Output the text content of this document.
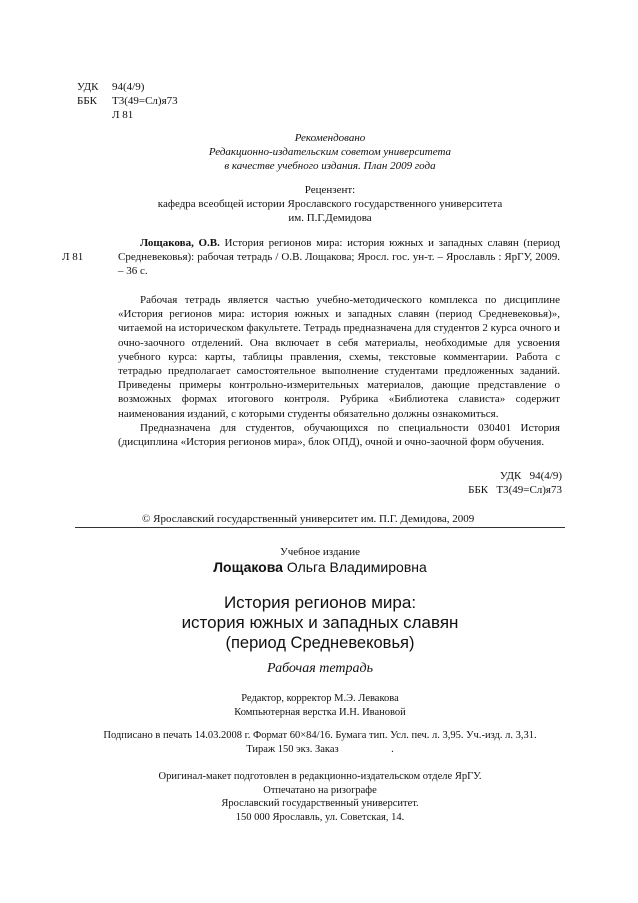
УДК 94(4/9)
ББК Т3(49=Сл)я73
Л 81
Рекомендовано
Редакционно-издательским советом университета
в качестве учебного издания. План 2009 года
Рецензент:
кафедра всеобщей истории Ярославского государственного университета
им. П.Г.Демидова
Л 81

Лощакова, О.В. История регионов мира: история южных и западных славян (период Средневековья): рабочая тетрадь / О.В. Лощакова; Яросл. гос. ун-т. – Ярославль : ЯрГУ, 2009. – 36 с.

Рабочая тетрадь является частью учебно-методического комплекса по дисциплине «История регионов мира: история южных и западных славян (период Средневековья)», читаемой на историческом факультете. Тетрадь предназначена для студентов 2 курса очного и очно-заочного отделений. Она включает в себя материалы, необходимые для усвоения учебного курса: карты, таблицы правления, схемы, текстовые комментарии. Работа с тетрадью предполагает самостоятельное выполнение студентами предложенных заданий. Приведены примеры контрольно-измерительных материалов, дающие представление о возможных формах итогового контроля. Рубрика «Библиотека слависта» содержит наименования изданий, с которыми студенты обязательно должны ознакомиться.

Предназначена для студентов, обучающихся по специальности 030401 История (дисциплина «История регионов мира», блок ОПД), очной и очно-заочной форм обучения.

УДК 94(4/9)
ББК Т3(49=Сл)я73
© Ярославский государственный университет им. П.Г. Демидова, 2009
Учебное издание
Лощакова Ольга Владимировна
История регионов мира:
история южных и западных славян
(период Средневековья)
Рабочая тетрадь
Редактор, корректор М.Э. Левакова
Компьютерная верстка И.Н. Ивановой
Подписано в печать 14.03.2008 г. Формат 60×84/16. Бумага тип. Усл. печ. л. 3,95. Уч.-изд. л. 3,31.
Тираж 150 экз. Заказ                    .
Оригинал-макет подготовлен в редакционно-издательском отделе ЯрГУ.
Отпечатано на ризографе
Ярославский государственный университет.
150 000 Ярославль, ул. Советская, 14.
